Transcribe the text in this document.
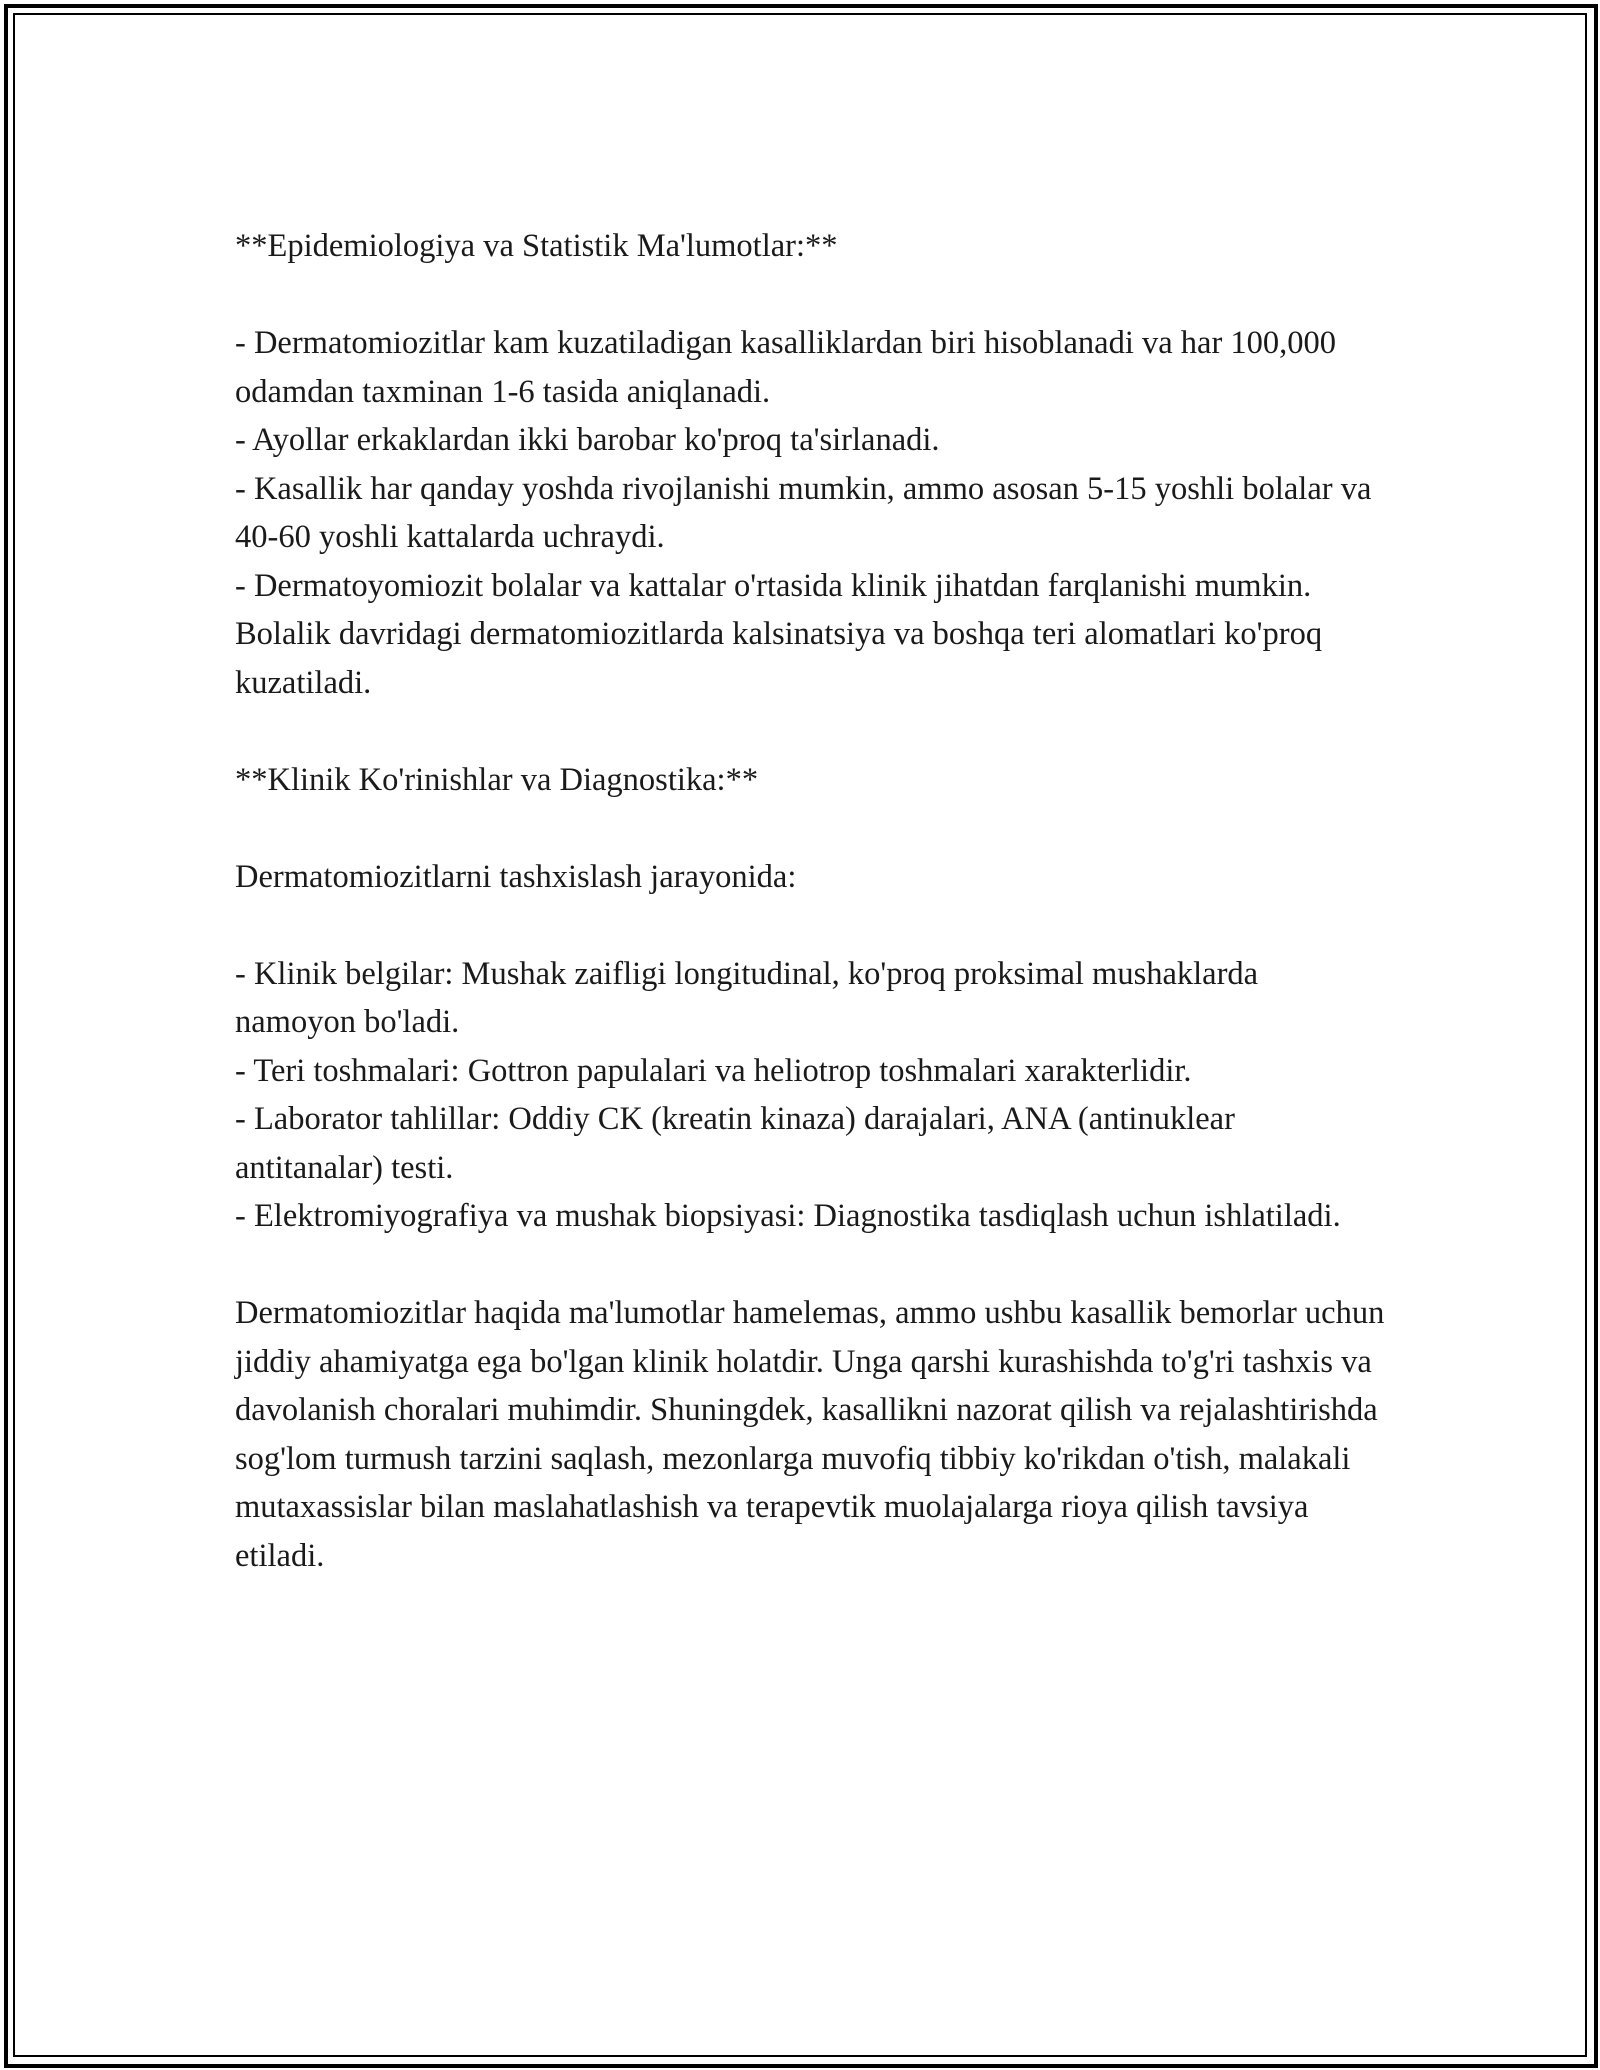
**Epidemiologiya va Statistik Ma'lumotlar:**

- Dermatomiozitlar kam kuzatiladigan kasalliklardan biri hisoblanadi va har 100,000 odamdan taxminan 1-6 tasida aniqlanadi.

- Ayollar erkaklardan ikki barobar ko'proq ta'sirlanadi.

- Kasallik har qanday yoshda rivojlanishi mumkin, ammo asosan 5-15 yoshli bolalar va 40-60 yoshli kattalarda uchraydi.

- Dermatoyomiozit bolalar va kattalar o'rtasida klinik jihatdan farqlanishi mumkin. Bolalik davridagi dermatomiozitlarda kalsinatsiya va boshqa teri alomatlari ko'proq kuzatiladi.

**Klinik Ko'rinishlar va Diagnostika:**

Dermatomiozitlarni tashxislash jarayonida:

- Klinik belgilar: Mushak zaifligi longitudinal, ko'proq proksimal mushaklarda namoyon bo'ladi.

- Teri toshmalari: Gottron papulalari va heliotrop toshmalari xarakterlidir.

- Laborator tahlillar: Oddiy CK (kreatin kinaza) darajalari, ANA (antinuklear antitanalar) testi.

- Elektromiyografiya va mushak biopsiyasi: Diagnostika tasdiqlash uchun ishlatiladi.

Dermatomiozitlar haqida ma'lumotlar hamelemas, ammo ushbu kasallik bemorlar uchun jiddiy ahamiyatga ega bo'lgan klinik holatdir. Unga qarshi kurashishda to'g'ri tashxis va davolanish choralari muhimdir. Shuningdek, kasallikni nazorat qilish va rejalashtirishda sog'lom turmush tarzini saqlash, mezonlarga muvofiq tibbiy ko'rikdan o'tish, malakali mutaxassislar bilan maslahatlashish va terapevtik muolajalarga rioya qilish tavsiya etiladi.
